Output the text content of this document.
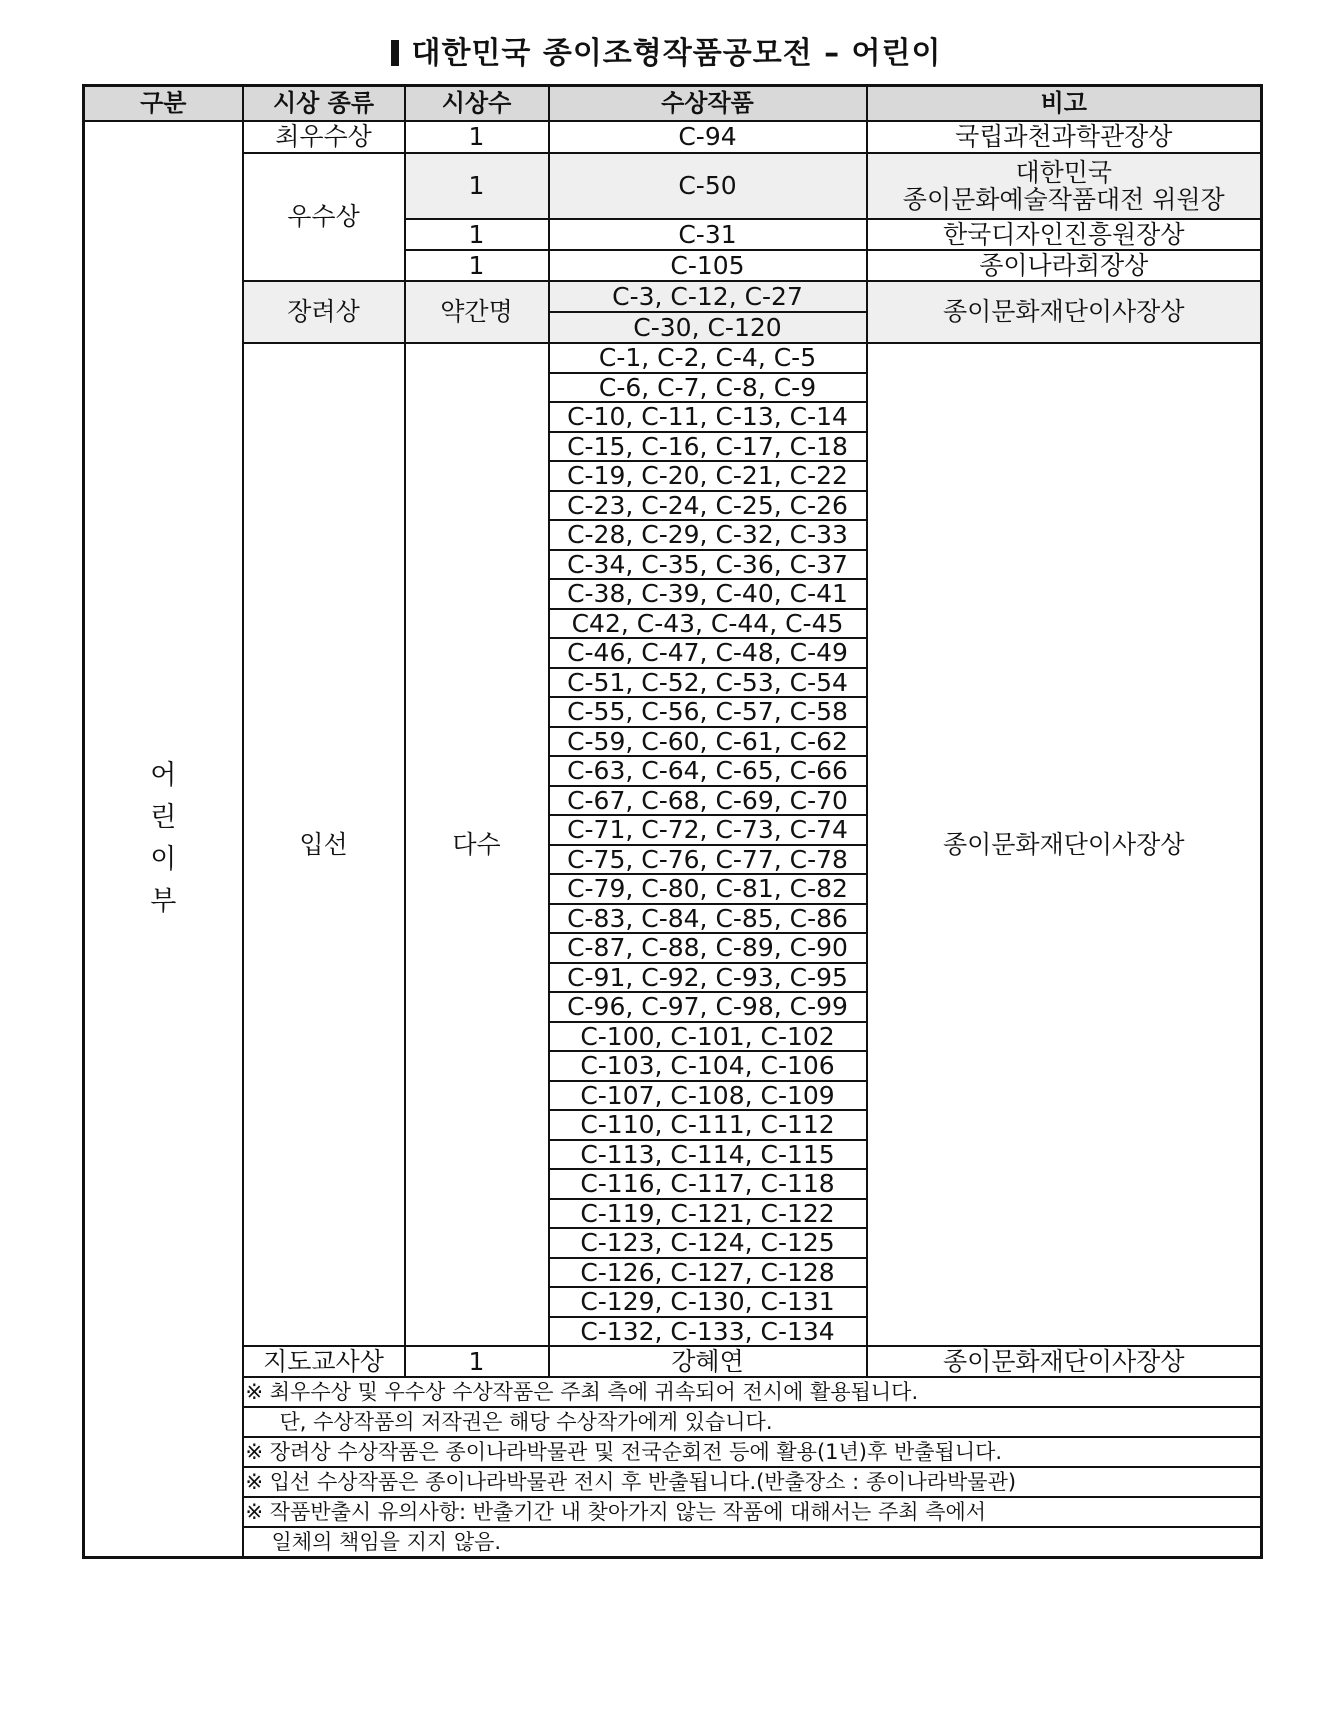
대한민국 종이조형작품공모전 – 어린이
구분	시상 종류	시상수	수상작품	비고

어
린
이
부	최우수상	1	C-94	국립과천과학관장상
	우수상	1	C-50	대한민국
종이문화예술작품대전 위원장

		1	C-31	한국디자인진흥원장상
		1	C-105	종이나라회장상
	장려상	약간명	C-3, C-12, C-27	종이문화재단이사장상
			C-30, C-120	
	입선	다수	C-1, C-2, C-4, C-5	종이문화재단이사장상
			C-6, C-7, C-8, C-9	
			C-10, C-11, C-13, C-14	
			C-15, C-16, C-17, C-18	
			C-19, C-20, C-21, C-22	
			C-23, C-24, C-25, C-26	
			C-28, C-29, C-32, C-33	
			C-34, C-35, C-36, C-37	
			C-38, C-39, C-40, C-41	
			C42, C-43, C-44, C-45	
			C-46, C-47, C-48, C-49	
			C-51, C-52, C-53, C-54	
			C-55, C-56, C-57, C-58	
			C-59, C-60, C-61, C-62	
			C-63, C-64, C-65, C-66	
			C-67, C-68, C-69, C-70	
			C-71, C-72, C-73, C-74	
			C-75, C-76, C-77, C-78	
			C-79, C-80, C-81, C-82	
			C-83, C-84, C-85, C-86	
			C-87, C-88, C-89, C-90	
			C-91, C-92, C-93, C-95	
			C-96, C-97, C-98, C-99	
			C-100, C-101, C-102	
			C-103, C-104, C-106	
			C-107, C-108, C-109	
			C-110, C-111, C-112	
			C-113, C-114, C-115	
			C-116, C-117, C-118	
			C-119, C-121, C-122	
			C-123, C-124, C-125	
			C-126, C-127, C-128	
			C-129, C-130, C-131	
			C-132, C-133, C-134	
	지도교사상	1	강혜연	종이문화재단이사장상

	※ 최우수상 및 우수상 수상작품은 주최 측에 귀속되어 전시에 활용됩니다.
단, 수상작품의 저작권은 해당 수상작가에게 있습니다.			

	※ 장려상 수상작품은 종이나라박물관 및 전국순회전 등에 활용(1년)후 반출됩니다.			

	※ 입선 수상작품은 종이나라박물관 전시 후 반출됩니다.(반출장소 : 종이나라박물관)			

	※ 작품반출시 유의사항: 반출기간 내 찾아가지 않는 작품에 대해서는 주최 측에서
일체의 책임을 지지 않음.			
